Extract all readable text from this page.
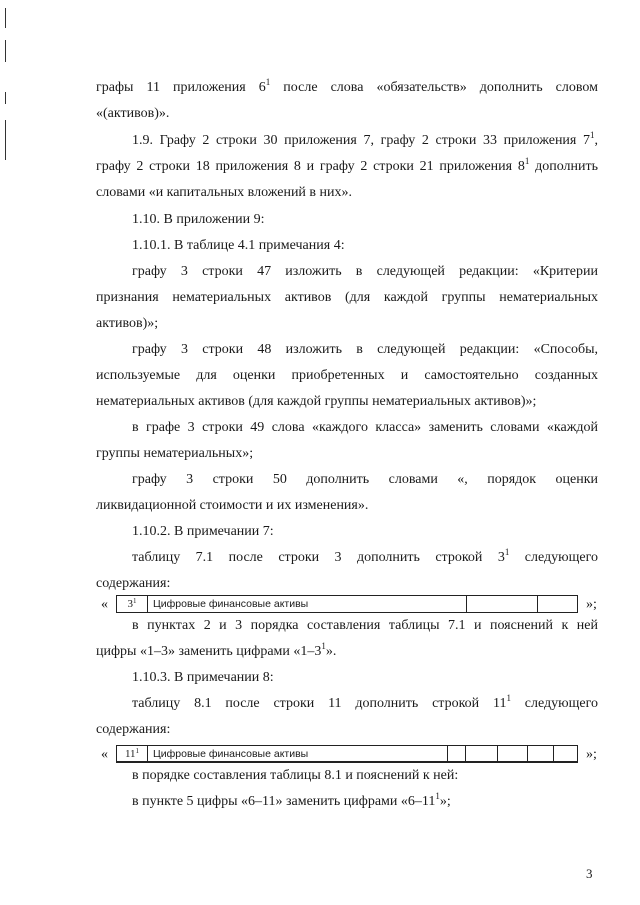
графы 11 приложения $6^1$ после слова «обязательств» дополнить словом

«(активов)».

1.9. Графу 2 строки 30 приложения 7, графу 2 строки 33 приложения $7^1$,

графу 2 строки 18 приложения 8 и графу 2 строки 21 приложения $8^1$ дополнить

словами «и капитальных вложений в них».

1.10. В приложении 9:

1.10.1. В таблице 4.1 примечания 4:

графу 3 строки 47 изложить в следующей редакции: «Критерии

признания нематериальных активов (для каждой группы нематериальных

активов)»;

графу 3 строки 48 изложить в следующей редакции: «Способы,

используемые для оценки приобретенных и самостоятельно созданных

нематериальных активов (для каждой группы нематериальных активов)»;

в графе 3 строки 49 слова «каждого класса» заменить словами «каждой

группы нематериальных»;

графу 3 строки 50 дополнить словами «, порядок оценки

ликвидационной стоимости и их изменения».

1.10.2. В примечании 7:

таблицу 7.1 после строки 3 дополнить строкой $3^1$ следующего

содержания:

«	$3^1$	Цифровые финансовые активы	»;

в пунктах 2 и 3 порядка составления таблицы 7.1 и пояснений к ней

цифры «1–3» заменить цифрами «$1-3^1$».

1.10.3. В примечании 8:

таблицу 8.1 после строки 11 дополнить строкой $11^1$ следующего

содержания:

«	$11^1$	Цифровые финансовые активы	»;

в порядке составления таблицы 8.1 и пояснений к ней:

в пункте 5 цифры «6–11» заменить цифрами «$6-11^1$»;

3
